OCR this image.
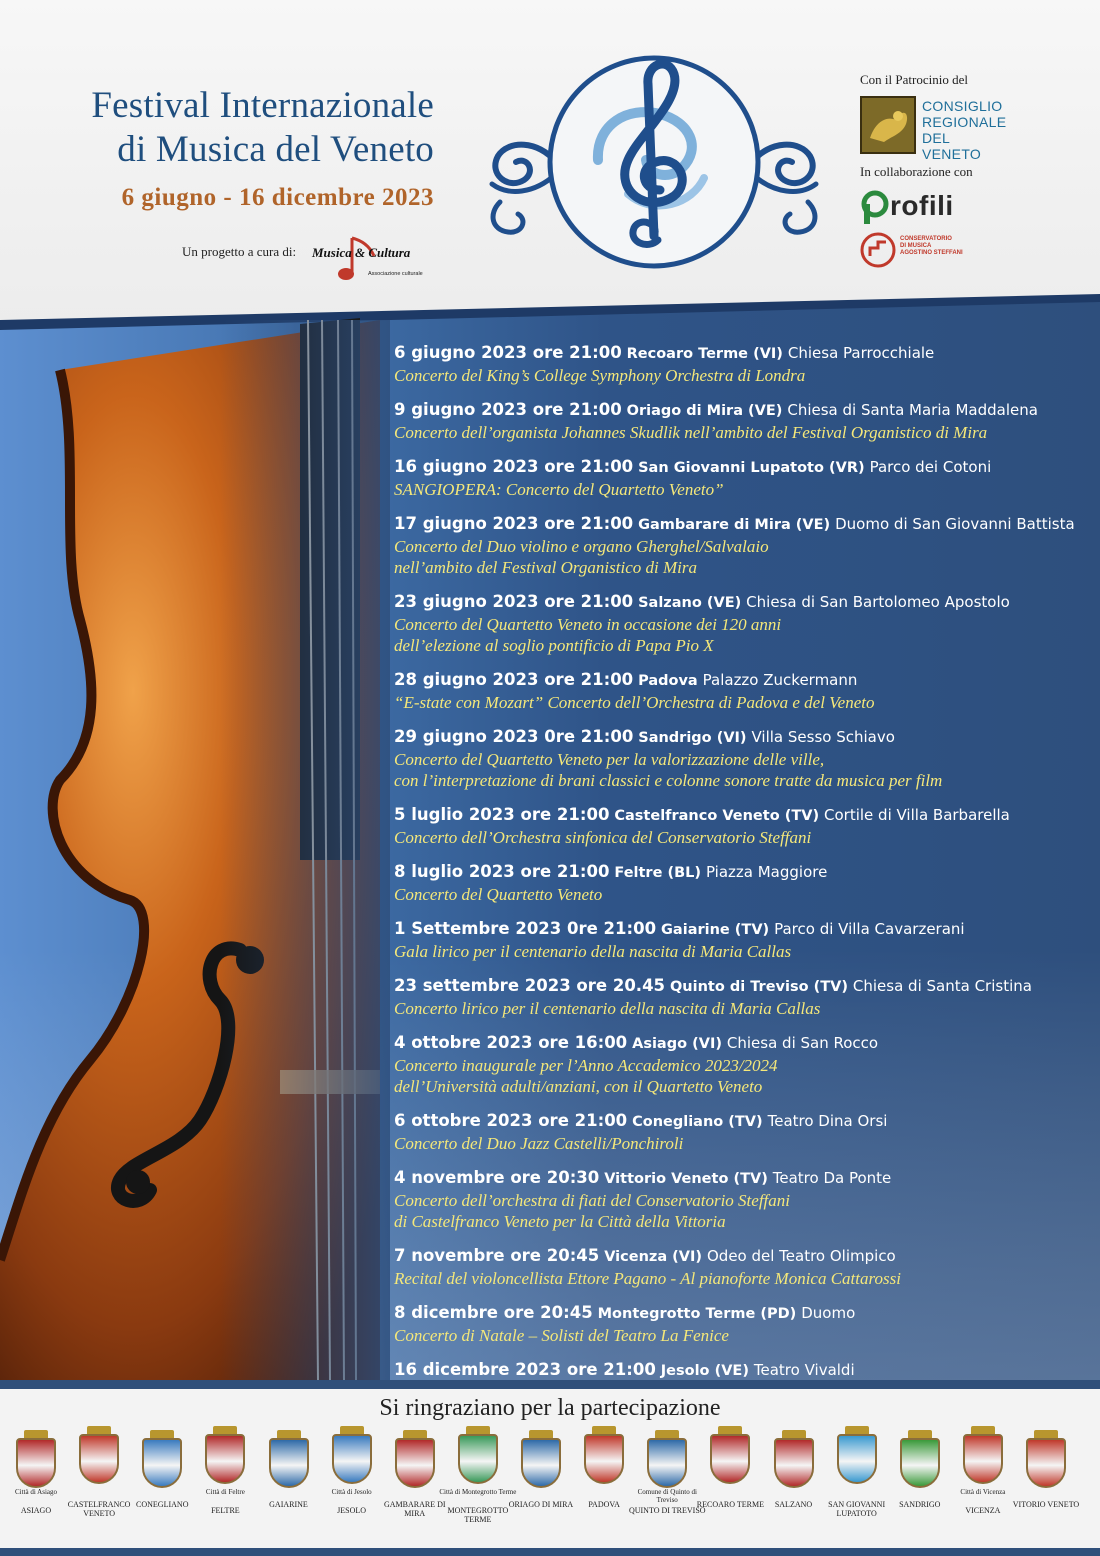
Festival Internazionale
di Musica del Veneto
6 giugno - 16 dicembre 2023
Un progetto a cura di: Musica & Cultura
Associazione culturale
Con il Patrocinio del
CONSIGLIO
REGIONALE
DEL VENETO
In collaborazione con
rofili
CONSERVATORIO
DI MUSICA
AGOSTINO STEFFANI
6 giugno 2023 ore 21:00 Recoaro Terme (VI) Chiesa Parrocchiale
Concerto del King’s College Symphony Orchestra di Londra
9 giugno 2023 ore 21:00 Oriago di Mira (VE) Chiesa di Santa Maria Maddalena
Concerto dell’organista Johannes Skudlik nell’ambito del Festival Organistico di Mira
16 giugno 2023 ore 21:00 San Giovanni Lupatoto (VR) Parco dei Cotoni
SANGIOPERA: Concerto del Quartetto Veneto”
17 giugno 2023 ore 21:00 Gambarare di Mira (VE) Duomo di San Giovanni Battista
Concerto del Duo violino e organo Gherghel/Salvalaio
nell’ambito del Festival Organistico di Mira
23 giugno 2023 ore 21:00 Salzano (VE) Chiesa di San Bartolomeo Apostolo
Concerto del Quartetto Veneto in occasione dei 120 anni
dell’elezione al soglio pontificio di Papa Pio X
28 giugno 2023 ore 21:00 Padova Palazzo Zuckermann
“E-state con Mozart” Concerto dell’Orchestra di Padova e del Veneto
29 giugno 2023 0re 21:00 Sandrigo (VI) Villa Sesso Schiavo
Concerto del Quartetto Veneto per la valorizzazione delle ville,
con l’interpretazione di brani classici e colonne sonore tratte da musica per film
5 luglio 2023 ore 21:00 Castelfranco Veneto (TV) Cortile di Villa Barbarella
Concerto dell’Orchestra sinfonica del Conservatorio Steffani
8 luglio 2023 ore 21:00 Feltre (BL) Piazza Maggiore
Concerto del Quartetto Veneto
1 Settembre 2023 0re 21:00 Gaiarine (TV) Parco di Villa Cavarzerani
Gala lirico per il centenario della nascita di Maria Callas
23 settembre 2023 ore 20.45 Quinto di Treviso (TV) Chiesa di Santa Cristina
Concerto lirico per il centenario della nascita di Maria Callas
4 ottobre 2023 ore 16:00 Asiago (VI) Chiesa di San Rocco
Concerto inaugurale per l’Anno Accademico 2023/2024
dell’Università adulti/anziani, con il Quartetto Veneto
6 ottobre 2023 ore 21:00 Conegliano (TV) Teatro Dina Orsi
Concerto del Duo Jazz Castelli/Ponchiroli
4 novembre ore 20:30 Vittorio Veneto (TV) Teatro Da Ponte
Concerto dell’orchestra di fiati del Conservatorio Steffani
di Castelfranco Veneto per la Città della Vittoria
7 novembre ore 20:45 Vicenza (VI) Odeo del Teatro Olimpico
Recital del violoncellista Ettore Pagano - Al pianoforte Monica Cattarossi
8 dicembre ore 20:45 Montegrotto Terme (PD) Duomo
Concerto di Natale – Solisti del Teatro La Fenice
16 dicembre 2023 ore 21:00 Jesolo (VE) Teatro Vivaldi
Si ringraziano per la partecipazione
Città di Asiago
ASIAGO
CASTELFRANCO VENETO
CONEGLIANO
Città di Feltre
FELTRE
GAIARINE
Città di Jesolo
JESOLO
GAMBARARE DI MIRA
Città di Montegrotto Terme
MONTEGROTTO TERME
ORIAGO DI MIRA	PADOVA
Comune di Quinto di Treviso
QUINTO DI TREVISO
RECOARO TERME	SALZANO	SAN GIOVANNI LUPATOTO
SANDRIGO
Città di Vicenza
VICENZA
VITORIO VENETO
